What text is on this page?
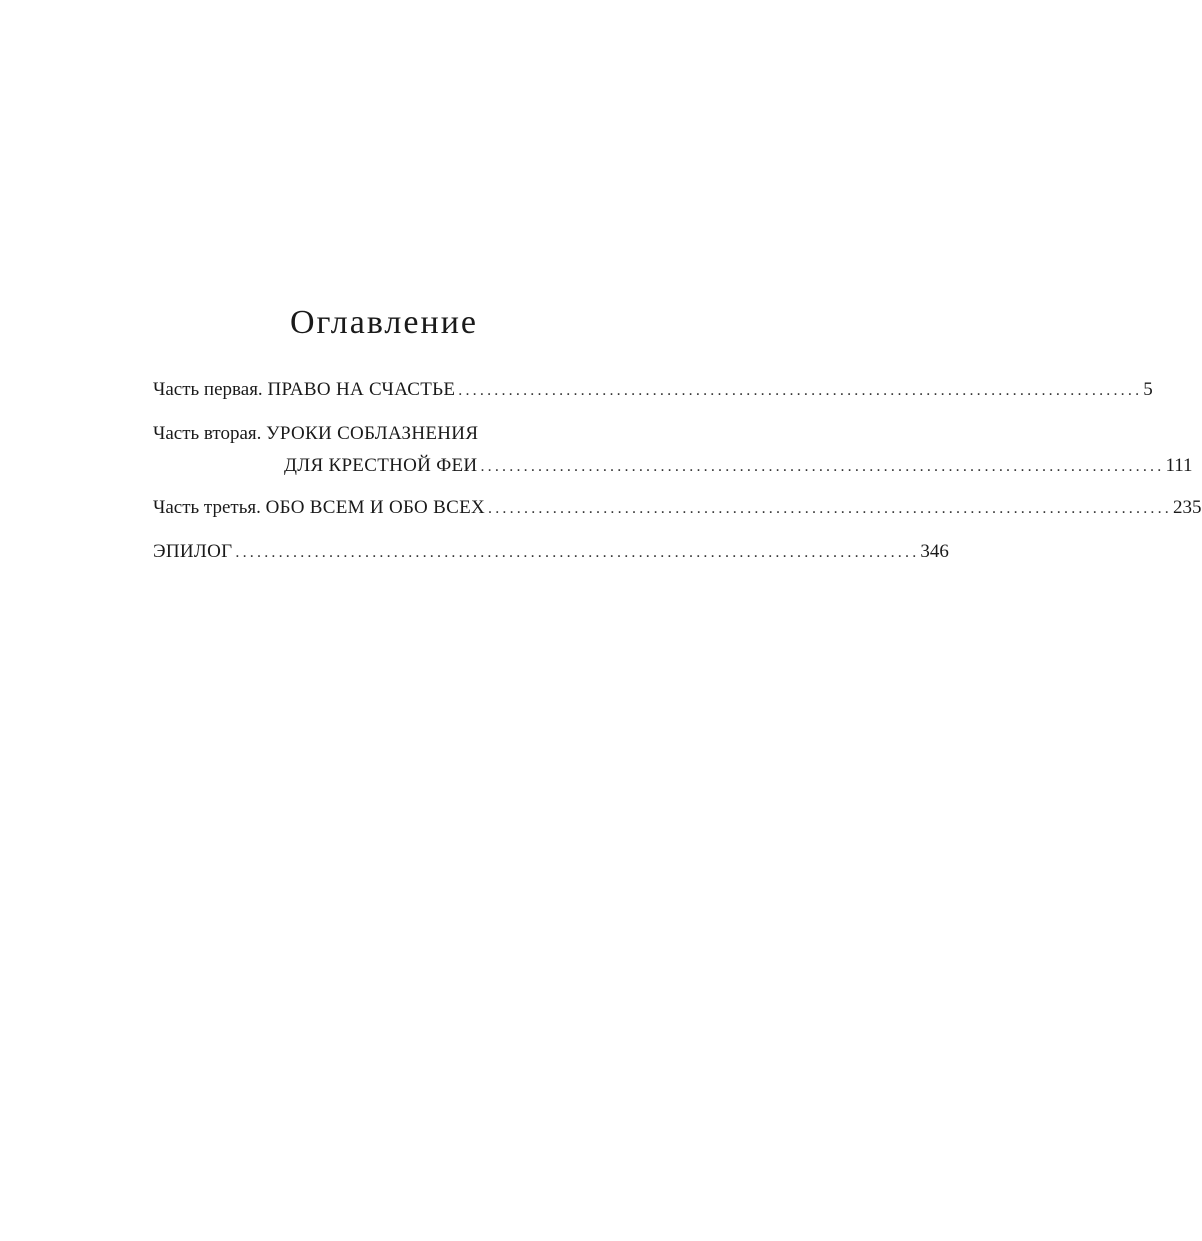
Оглавление
Часть первая. ПРАВО НА СЧАСТЬЕ ............................................................................................... 5
Часть вторая. УРОКИ СОБЛАЗНЕНИЯ
ДЛЯ КРЕСТНОЙ ФЕИ ............................................................................................... 111
Часть третья. ОБО ВСЕМ И ОБО ВСЕХ ............................................................................................... 235
ЭПИЛОГ ............................................................................................... 346
